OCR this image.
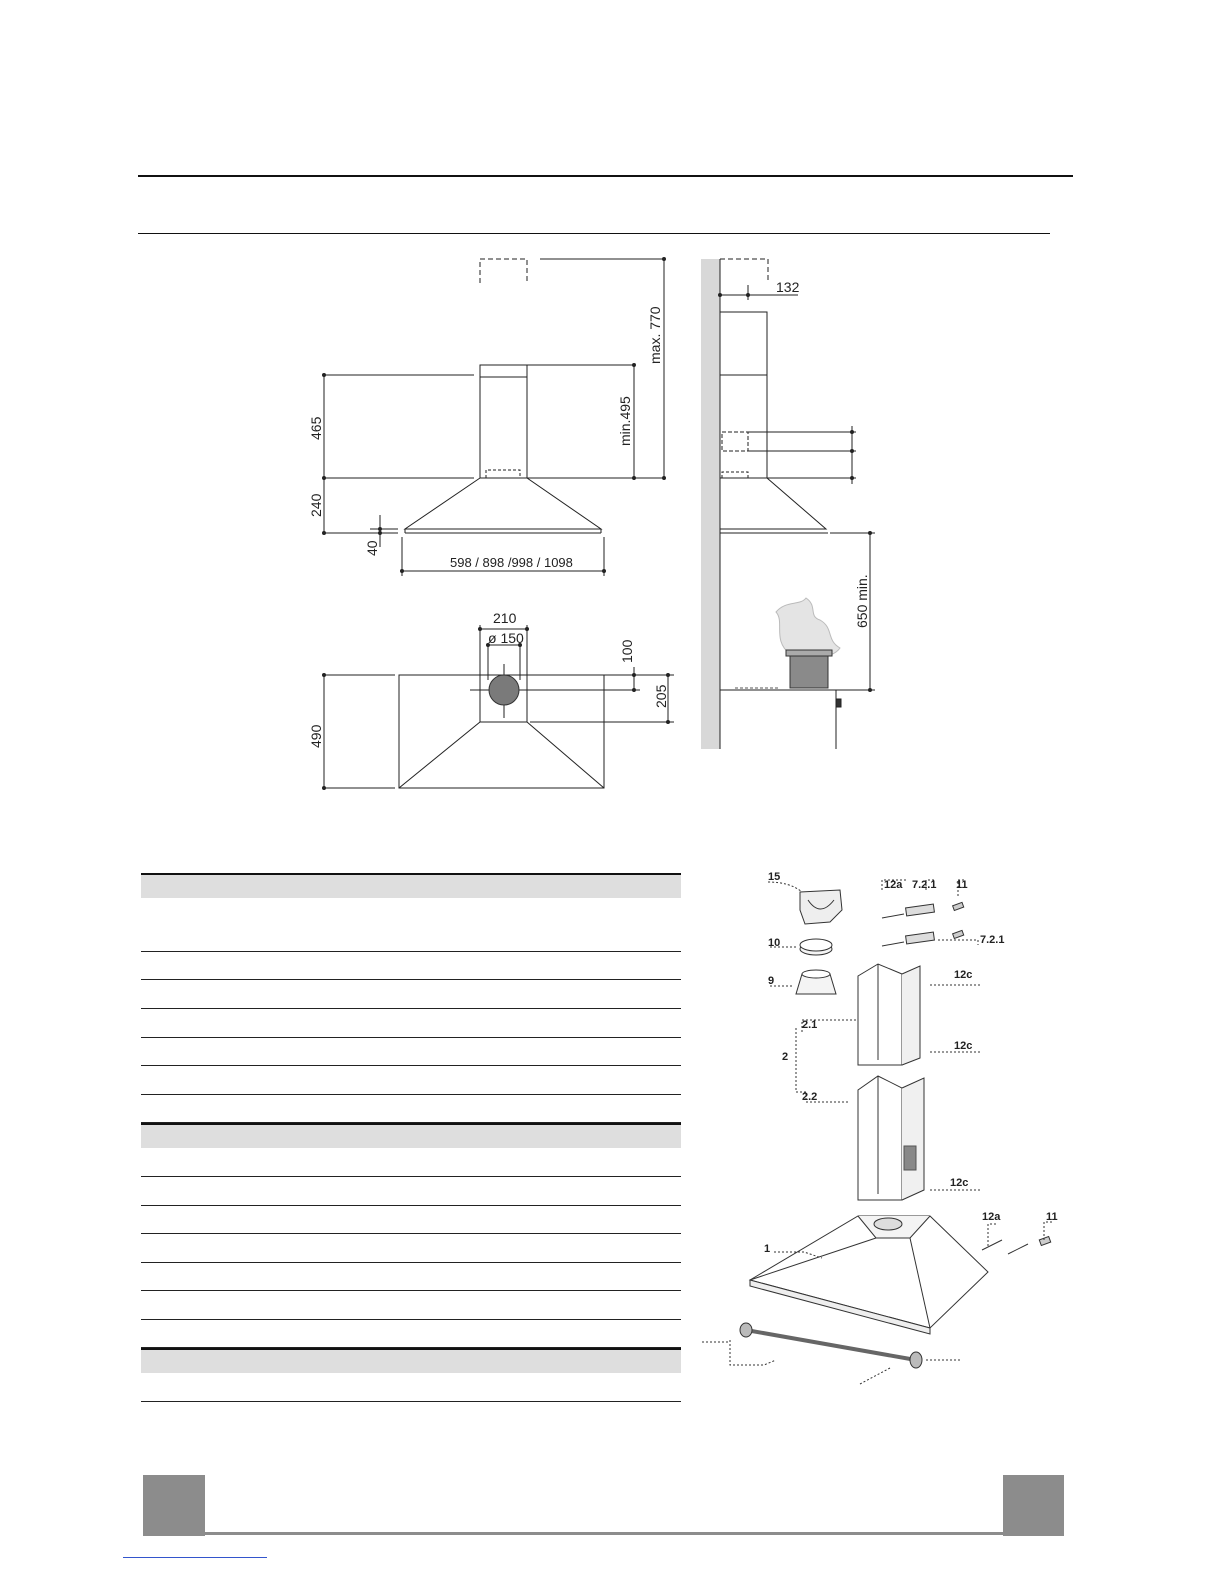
max. 770
min.495
465
240
40
598 / 898 /998 / 1098
210
ø 150
100
205
490
132
650 min.
15
12a 7.2.1 11
7.2.1
10
9	12c
2.1
2
12c
2.2
12c
12a	11
1
